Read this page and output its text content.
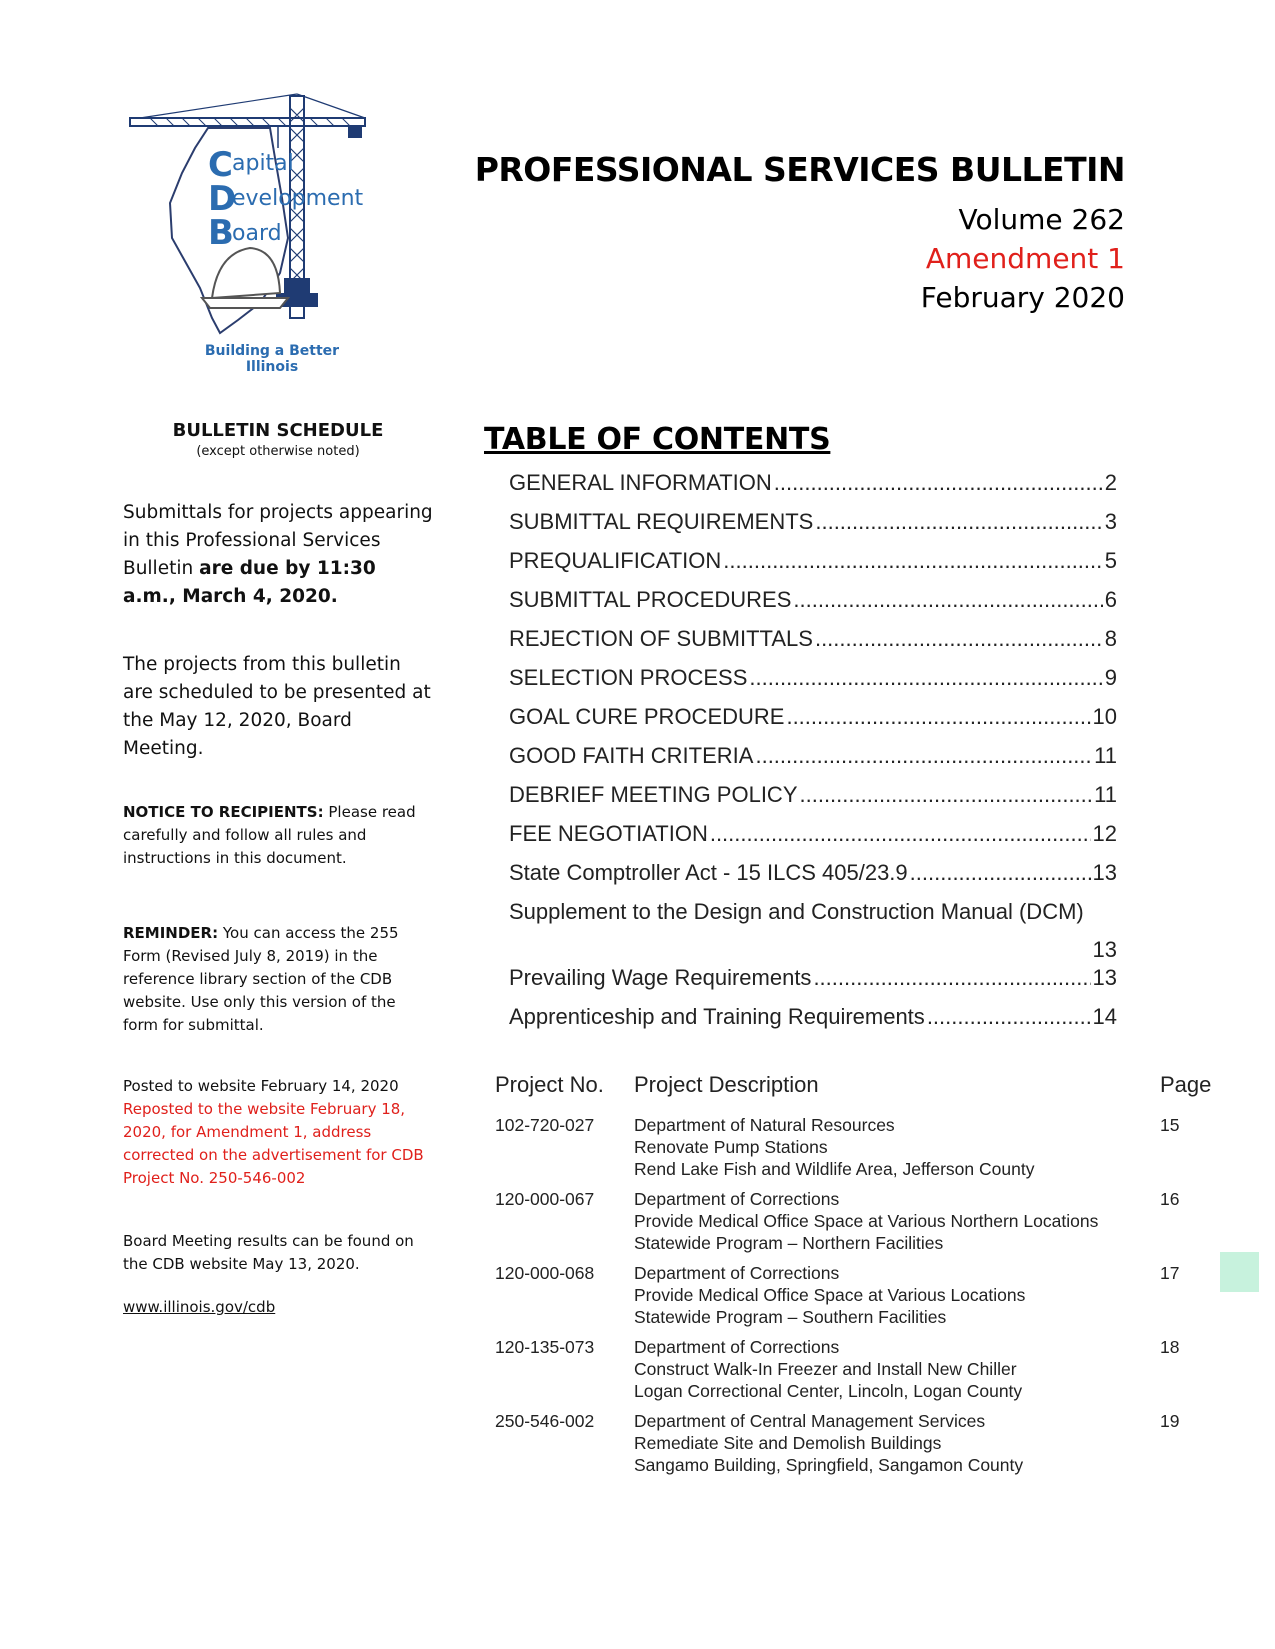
C apital
D
evelopment
B
oard
Building a Better Illinois
PROFESSIONAL SERVICES BULLETIN
Volume 262
Amendment 1
February 2020
BULLETIN SCHEDULE
(except otherwise noted)
Submittals for projects appearing in this Professional Services Bulletin are due by 11:30 a.m., March 4, 2020.
The projects from this bulletin are scheduled to be presented at the May 12, 2020, Board Meeting.
NOTICE TO RECIPIENTS: Please read carefully and follow all rules and instructions in this document.
REMINDER: You can access the 255 Form (Revised July 8, 2019) in the reference library section of the CDB website. Use only this version of the form for submittal.
Posted to website February 14, 2020
Reposted to the website February 18, 2020, for Amendment 1, address corrected on the advertisement for CDB Project No. 250-546-002
Board Meeting results can be found on the CDB website May 13, 2020.
www.illinois.gov/cdb
TABLE OF CONTENTS
GENERAL INFORMATION .....	2
SUBMITTAL REQUIREMENTS .....	3
PREQUALIFICATION .....	5
SUBMITTAL PROCEDURES .....	6
REJECTION OF SUBMITTALS .....	8
SELECTION PROCESS .....	9
GOAL CURE PROCEDURE .....	10
GOOD FAITH CRITERIA .....	11
DEBRIEF MEETING POLICY .....	11
FEE NEGOTIATION .....	12
State Comptroller Act - 15 ILCS 405/23.9 .....	13
Supplement to the Design and Construction Manual (DCM)
13
Prevailing Wage Requirements .....	13
Apprenticeship and Training Requirements .....	14
Project No.	Project Description	Page
102-720-027	Department of Natural Resources
Renovate Pump Stations
Rend Lake Fish and Wildlife Area, Jefferson County
15
120-000-067	Department of Corrections
Provide Medical Office Space at Various Northern Locations
Statewide Program – Northern Facilities
16
120-000-068	Department of Corrections
Provide Medical Office Space at Various Locations
Statewide Program – Southern Facilities
17
120-135-073	Department of Corrections
Construct Walk-In Freezer and Install New Chiller
Logan Correctional Center, Lincoln, Logan County
18
250-546-002	Department of Central Management Services
Remediate Site and Demolish Buildings
Sangamo Building, Springfield, Sangamon County
19
